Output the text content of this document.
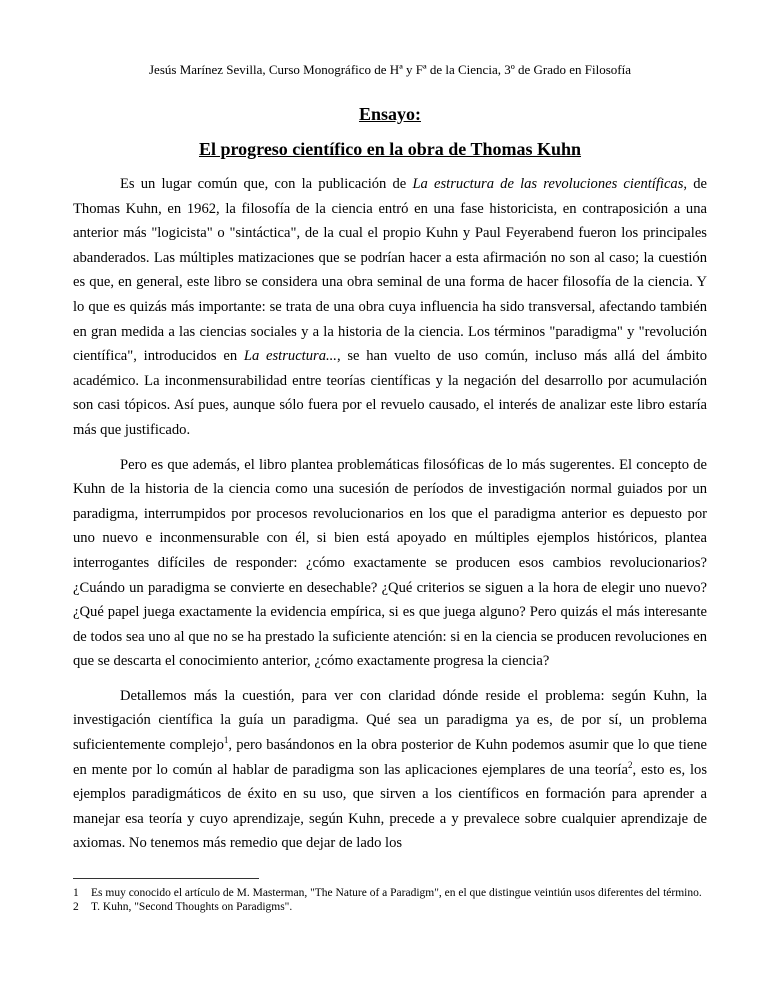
Jesús Marínez Sevilla, Curso Monográfico de Hª y Fª de la Ciencia, 3º de Grado en Filosofía
Ensayo:
El progreso científico en la obra de Thomas Kuhn

Es un lugar común que, con la publicación de La estructura de las revoluciones científicas, de Thomas Kuhn, en 1962, la filosofía de la ciencia entró en una fase historicista, en contraposición a una anterior más "logicista" o "sintáctica", de la cual el propio Kuhn y Paul Feyerabend fueron los principales abanderados. Las múltiples matizaciones que se podrían hacer a esta afirmación no son al caso; la cuestión es que, en general, este libro se considera una obra seminal de una forma de hacer filosofía de la ciencia. Y lo que es quizás más importante: se trata de una obra cuya influencia ha sido transversal, afectando también en gran medida a las ciencias sociales y a la historia de la ciencia. Los términos "paradigma" y "revolución científica", introducidos en La estructura..., se han vuelto de uso común, incluso más allá del ámbito académico. La inconmensurabilidad entre teorías científicas y la negación del desarrollo por acumulación son casi tópicos. Así pues, aunque sólo fuera por el revuelo causado, el interés de analizar este libro estaría más que justificado.

Pero es que además, el libro plantea problemáticas filosóficas de lo más sugerentes. El concepto de Kuhn de la historia de la ciencia como una sucesión de períodos de investigación normal guiados por un paradigma, interrumpidos por procesos revolucionarios en los que el paradigma anterior es depuesto por uno nuevo e inconmensurable con él, si bien está apoyado en múltiples ejemplos históricos, plantea interrogantes difíciles de responder: ¿cómo exactamente se producen esos cambios revolucionarios? ¿Cuándo un paradigma se convierte en desechable? ¿Qué criterios se siguen a la hora de elegir uno nuevo? ¿Qué papel juega exactamente la evidencia empírica, si es que juega alguno? Pero quizás el más interesante de todos sea uno al que no se ha prestado la suficiente atención: si en la ciencia se producen revoluciones en que se descarta el conocimiento anterior, ¿cómo exactamente progresa la ciencia?

Detallemos más la cuestión, para ver con claridad dónde reside el problema: según Kuhn, la investigación científica la guía un paradigma. Qué sea un paradigma ya es, de por sí, un problema suficientemente complejo$^1$, pero basándonos en la obra posterior de Kuhn podemos asumir que lo que tiene en mente por lo común al hablar de paradigma son las aplicaciones ejemplares de una teoría$^2$, esto es, los ejemplos paradigmáticos de éxito en su uso, que sirven a los científicos en formación para aprender a manejar esa teoría y cuyo aprendizaje, según Kuhn, precede a y prevalece sobre cualquier aprendizaje de axiomas. No tenemos más remedio que dejar de lado los

1	Es muy conocido el artículo de M. Masterman, "The Nature of a Paradigm", en el que distingue veintiún usos diferentes del término.
2	T. Kuhn, "Second Thoughts on Paradigms".
